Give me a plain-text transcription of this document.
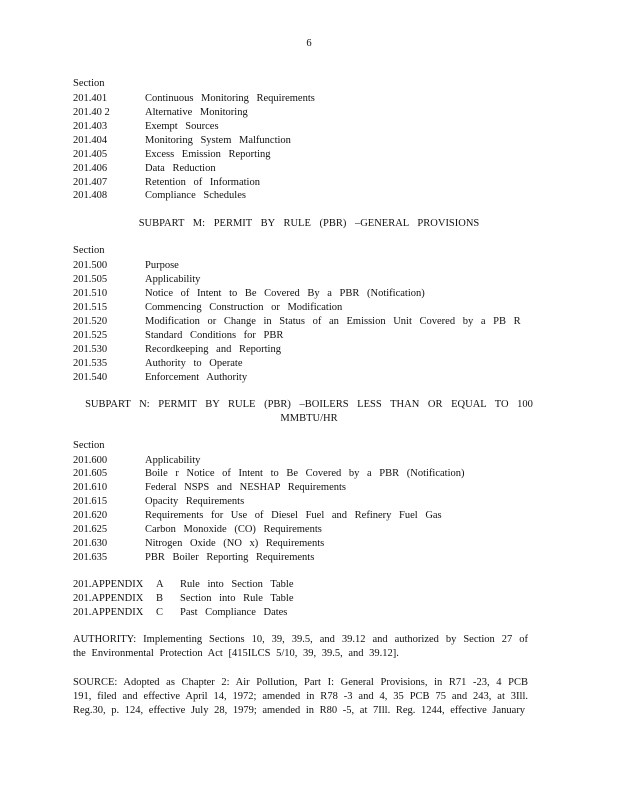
6
Section
201.401	Continuous Monitoring Requirements
201.40 2	Alternative Monitoring
201.403	Exempt Sources
201.404	Monitoring System Malfunction
201.405	Excess Emission Reporting
201.406	Data Reduction
201.407	Retention of Information
201.408	Compliance Schedules
SUBPART M: PERMIT BY RULE (PBR) –GENERAL PROVISIONS
Section
201.500	Purpose
201.505	Applicability
201.510	Notice of Intent to Be Covered By a PBR (Notification)
201.515	Commencing Construction or Modification
201.520	Modification or Change in Status of an Emission Unit Covered by a PB R
201.525	Standard Conditions for PBR
201.530	Recordkeeping and Reporting
201.535	Authority to Operate
201.540	Enforcement Authority
SUBPART N: PERMIT BY RULE (PBR) –BOILERS LESS THAN OR EQUAL TO 100
MMBTU/HR
Section
201.600	Applicability
201.605	Boile r Notice of Intent to Be Covered by a PBR (Notification)
201.610	Federal NSPS and NESHAP Requirements
201.615	Opacity Requirements
201.620	Requirements for Use of Diesel Fuel and Refinery Fuel Gas
201.625	Carbon Monoxide (CO) Requirements
201.630	Nitrogen Oxide (NO x) Requirements
201.635	PBR Boiler Reporting Requirements
201.APPENDIX A Rule into Section Table
201.APPENDIX B Section into Rule Table
201.APPENDIX C Past Compliance Dates
AUTHORITY: Implementing Sections 10, 39, 39.5, and 39.12 and authorized by Section 27 of the Environmental Protection Act [415ILCS 5/10, 39, 39.5, and 39.12].
SOURCE: Adopted as Chapter 2: Air Pollution, Part I: General Provisions, in R71 -23, 4 PCB 191, filed and effective April 14, 1972; amended in R78 -3 and 4, 35 PCB 75 and 243, at 3Ill. Reg.30, p. 124, effective July 28, 1979; amended in R80 -5, at 7Ill. Reg. 1244, effective January
